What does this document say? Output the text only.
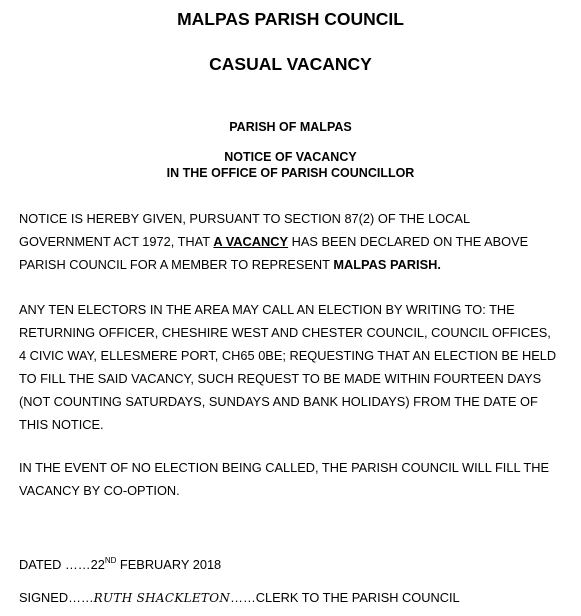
MALPAS PARISH COUNCIL
CASUAL VACANCY

PARISH OF MALPAS

NOTICE OF VACANCY

IN THE OFFICE OF PARISH COUNCILLOR

NOTICE IS HEREBY GIVEN, PURSUANT TO SECTION 87(2) OF THE LOCAL GOVERNMENT ACT 1972, THAT A VACANCY HAS BEEN DECLARED ON THE ABOVE PARISH COUNCIL FOR A MEMBER TO REPRESENT MALPAS PARISH.

ANY TEN ELECTORS IN THE AREA MAY CALL AN ELECTION BY WRITING TO: THE RETURNING OFFICER, CHESHIRE WEST AND CHESTER COUNCIL, COUNCIL OFFICES, 4 CIVIC WAY, ELLESMERE PORT, CH65 0BE; REQUESTING THAT AN ELECTION BE HELD TO FILL THE SAID VACANCY, SUCH REQUEST TO BE MADE WITHIN FOURTEEN DAYS (NOT COUNTING SATURDAYS, SUNDAYS AND BANK HOLIDAYS) FROM THE DATE OF THIS NOTICE.

IN THE EVENT OF NO ELECTION BEING CALLED, THE PARISH COUNCIL WILL FILL THE VACANCY BY CO-OPTION.

DATED ……22ND FEBRUARY 2018

SIGNED……RUTH SHACKLETON……CLERK TO THE PARISH COUNCIL
